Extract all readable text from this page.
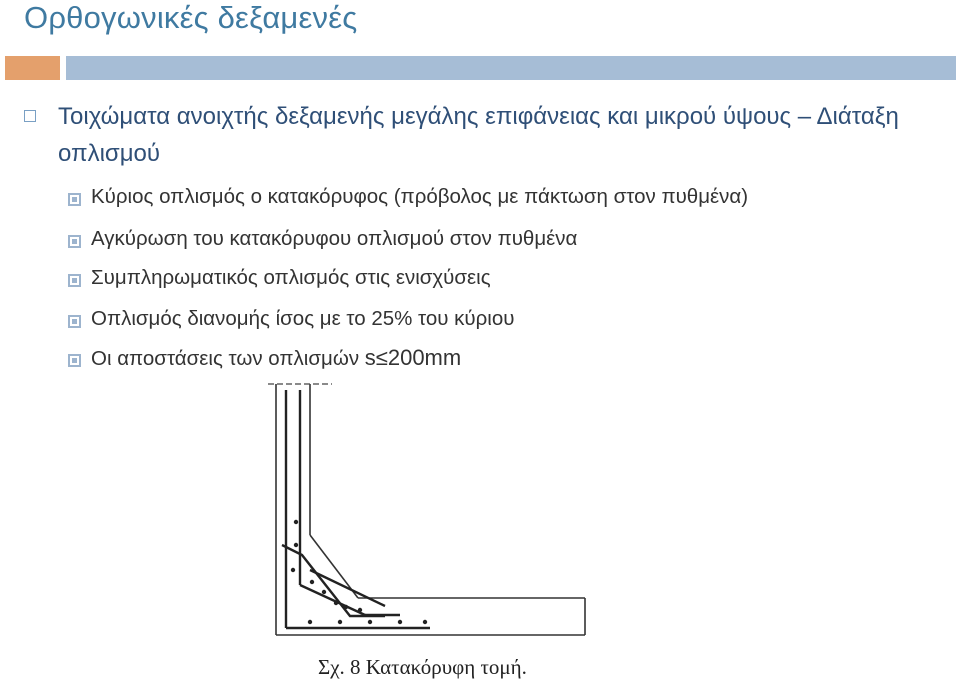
Ορθογωνικές δεξαμενές
Τοιχώματα ανοιχτής δεξαμενής μεγάλης επιφάνειας και μικρού ύψους – Διάταξη οπλισμού
Κύριος οπλισμός ο κατακόρυφος (πρόβολος με πάκτωση στον πυθμένα)
Αγκύρωση του κατακόρυφου οπλισμού στον πυθμένα
Συμπληρωματικός οπλισμός στις ενισχύσεις
Οπλισμός διανομής ίσος με το 25% του κύριου
Οι αποστάσεις των οπλισμών s≤200mm
Σχ. 8 Κατακόρυφη τομή.
